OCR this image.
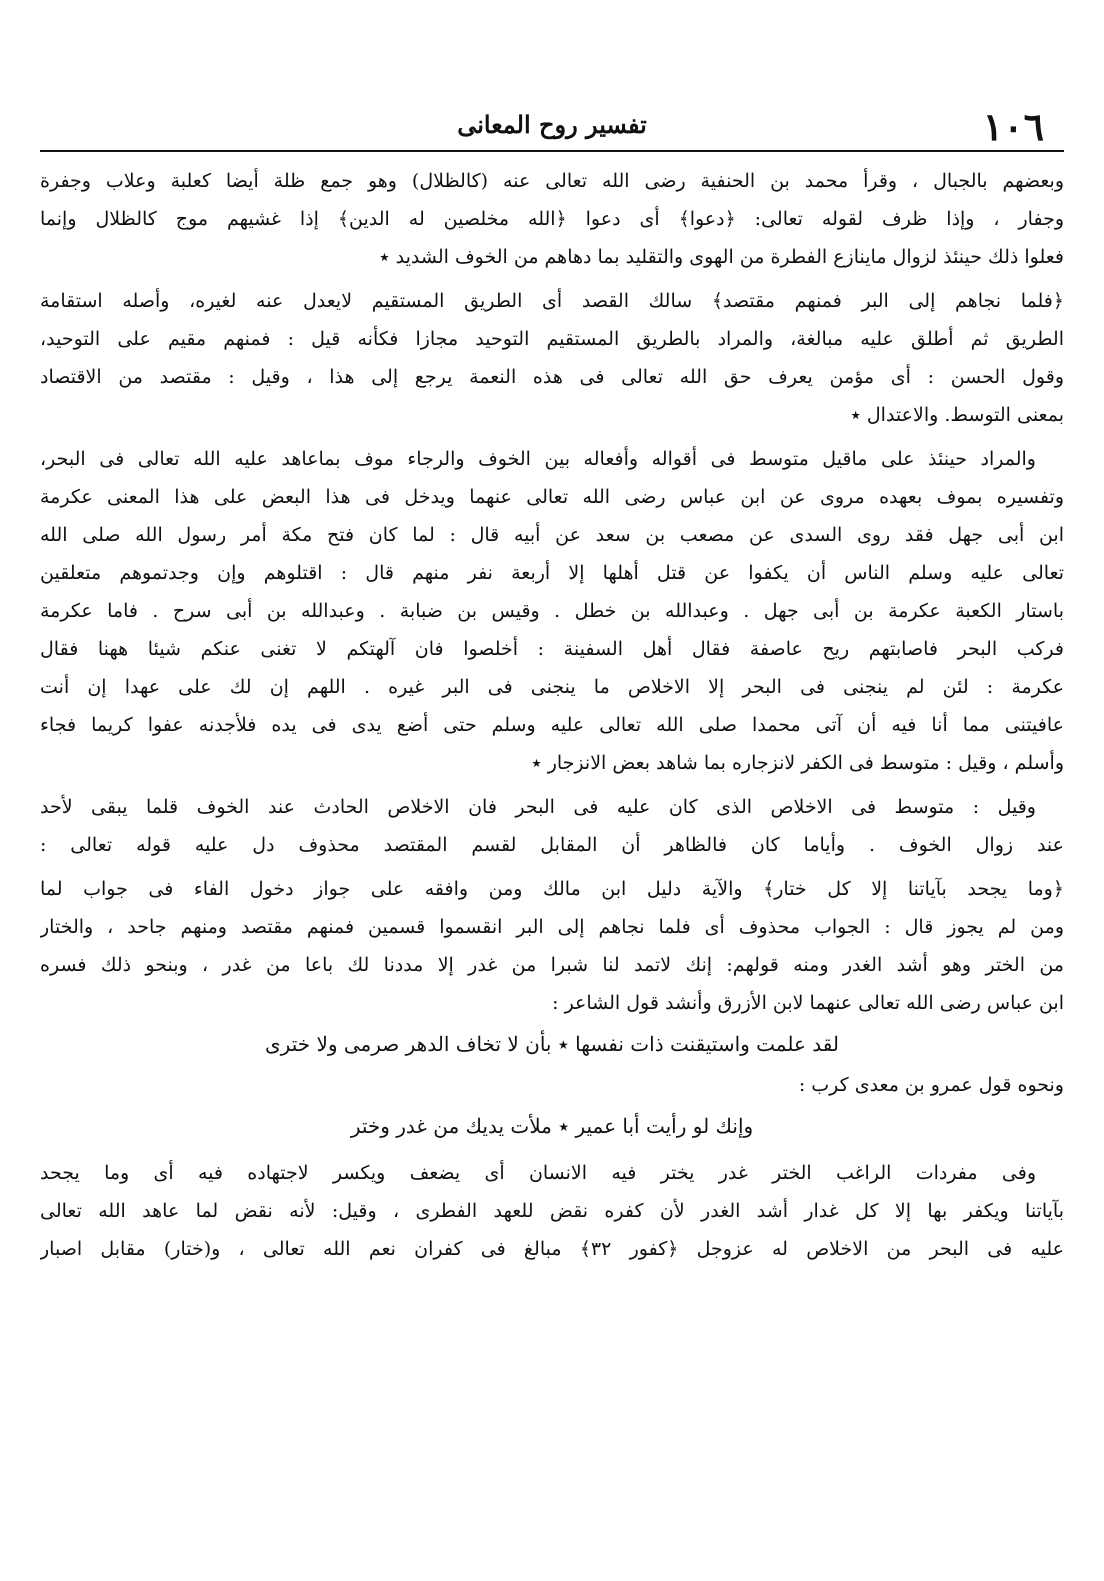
١٠٦
تفسير روح المعانى
وبعضهم بالجبال ، وقرأ محمد بن الحنفية رضى الله تعالى عنه (كالظلال) وهو جمع ظلة أيضا كعلبة وعلاب وجفرة
وجفار ، وإذا ظرف لقوله تعالى: ﴿دعوا﴾ أى دعوا ﴿الله مخلصين له الدين﴾ إذا غشيهم موج كالظلال وإنما
فعلوا ذلك حينئذ لزوال ماينازع الفطرة من الهوى والتقليد بما دهاهم من الخوف الشديد ٭
﴿فلما نجاهم إلى البر فمنهم مقتصد﴾ سالك القصد أى الطريق المستقيم لايعدل عنه لغيره، وأصله استقامة
الطريق ثم أطلق عليه مبالغة، والمراد بالطريق المستقيم التوحيد مجازا فكأنه قيل : فمنهم مقيم على التوحيد،
وقول الحسن : أى مؤمن يعرف حق الله تعالى فى هذه النعمة يرجع إلى هذا ، وقيل : مقتصد من الاقتصاد
بمعنى التوسط. والاعتدال ٭
والمراد حينئذ على ماقيل متوسط فى أقواله وأفعاله بين الخوف والرجاء موف بماعاهد عليه الله تعالى فى البحر،
وتفسيره بموف بعهده مروى عن ابن عباس رضى الله تعالى عنهما ويدخل فى هذا البعض على هذا المعنى عكرمة
ابن أبى جهل فقد روى السدى عن مصعب بن سعد عن أبيه قال : لما كان فتح مكة أمر رسول الله صلى الله
تعالى عليه وسلم الناس أن يكفوا عن قتل أهلها إلا أربعة نفر منهم قال : اقتلوهم وإن وجدتموهم متعلقين
باستار الكعبة عكرمة بن أبى جهل . وعبدالله بن خطل . وقيس بن ضبابة . وعبدالله بن أبى سرح . فاما عكرمة
فركب البحر فاصابتهم ريح عاصفة فقال أهل السفينة : أخلصوا فان آلهتكم لا تغنى عنكم شيئا ههنا فقال
عكرمة : لئن لم ينجنى فى البحر إلا الاخلاص ما ينجنى فى البر غيره . اللهم إن لك على عهدا إن أنت
عافيتنى مما أنا فيه أن آتى محمدا صلى الله تعالى عليه وسلم حتى أضع يدى فى يده فلأجدنه عفوا كريما فجاء
وأسلم ، وقيل : متوسط فى الكفر لانزجاره بما شاهد بعض الانزجار ٭
وقيل : متوسط فى الاخلاص الذى كان عليه فى البحر فان الاخلاص الحادث عند الخوف قلما يبقى لأحد
عند زوال الخوف . وأياما كان فالظاهر أن المقابل لقسم المقتصد محذوف دل عليه قوله تعالى :
﴿وما يجحد بآياتنا إلا كل ختار﴾ والآية دليل ابن مالك ومن وافقه على جواز دخول الفاء فى جواب لما
ومن لم يجوز قال : الجواب محذوف أى فلما نجاهم إلى البر انقسموا قسمين فمنهم مقتصد ومنهم جاحد ، والختار
من الختر وهو أشد الغدر ومنه قولهم: إنك لاتمد لنا شبرا من غدر إلا مددنا لك باعا من غدر ، وبنحو ذلك فسره
ابن عباس رضى الله تعالى عنهما لابن الأزرق وأنشد قول الشاعر :
لقد علمت واستيقنت ذات نفسها ٭ بأن لا تخاف الدهر صرمى ولا خترى
ونحوه قول عمرو بن معدى كرب :
وإنك لو رأيت أبا عمير ٭ ملأت يديك من غدر وختر
وفى مفردات الراغب الختر غدر يختر فيه الانسان أى يضعف ويكسر لاجتهاده فيه أى وما يجحد
بآياتنا ويكفر بها إلا كل غدار أشد الغدر لأن كفره نقض للعهد الفطرى ، وقيل: لأنه نقض لما عاهد الله تعالى
عليه فى البحر من الاخلاص له عزوجل ﴿كفور ٣٢﴾ مبالغ فى كفران نعم الله تعالى ، و(ختار) مقابل اصبار
